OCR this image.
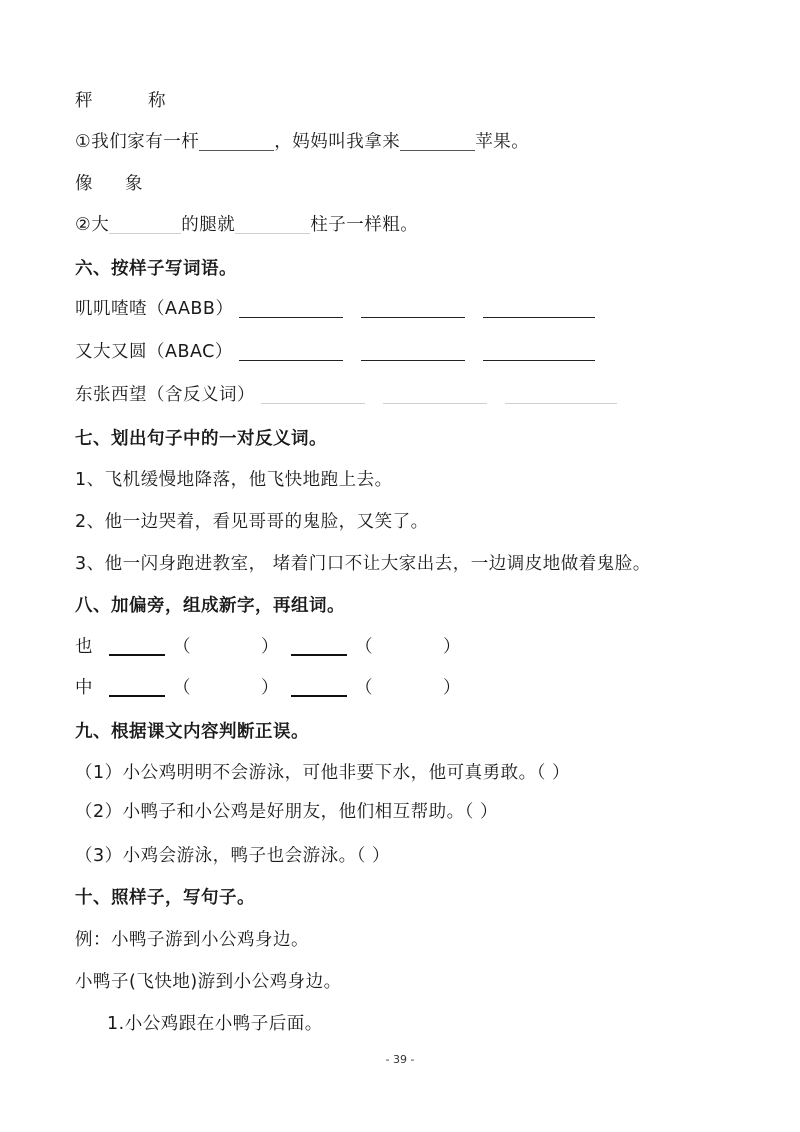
秤	称
①我们家有一杆	，妈妈叫我拿来	苹果。
像 象
②大	的腿就	柱子一样粗。
六、按样子写词语。
叽叽喳喳（AABB）
又大又圆（ABAC）
东张西望（含反义词）
七、划出句子中的一对反义词。
1、飞机缓慢地降落，他飞快地跑上去。
2、他一边哭着，看见哥哥的鬼脸，又笑了。
3、他一闪身跑进教室， 堵着门口不让大家出去，一边调皮地做着鬼脸。
八、加偏旁，组成新字，再组词。
也	（	）	（	）
中	（	）	（	）
九、根据课文内容判断正误。
（1）小公鸡明明不会游泳，可他非要下水，他可真勇敢。（ ）
（2）小鸭子和小公鸡是好朋友，他们相互帮助。（ ）
（3）小鸡会游泳，鸭子也会游泳。（ ）
十、照样子，写句子。
例：小鸭子游到小公鸡身边。
小鸭子(飞快地)游到小公鸡身边。
1.小公鸡跟在小鸭子后面。
- 39 -
